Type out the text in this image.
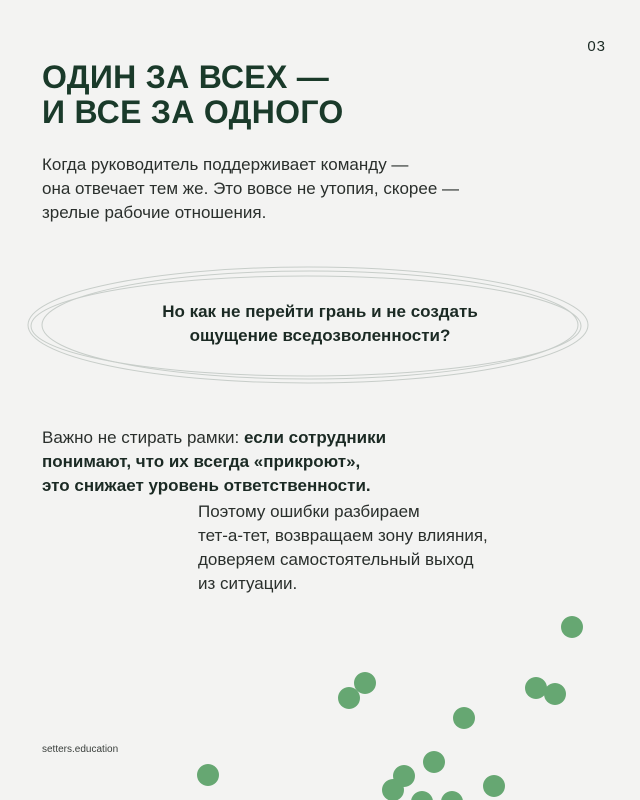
03
ОДИН ЗА ВСЕХ —
И ВСЕ ЗА ОДНОГО

Когда руководитель поддерживает команду —
она отвечает тем же. Это вовсе не утопия, скорее —
зрелые рабочие отношения.

Но как не перейти грань и не создать
ощущение вседозволенности?

Важно не стирать рамки: если сотрудники
понимают, что их всегда «прикроют»,
это снижает уровень ответственности.

Поэтому ошибки разбираем
тет-а-тет, возвращаем зону влияния,
доверяем самостоятельный выход
из ситуации.

setters.education
